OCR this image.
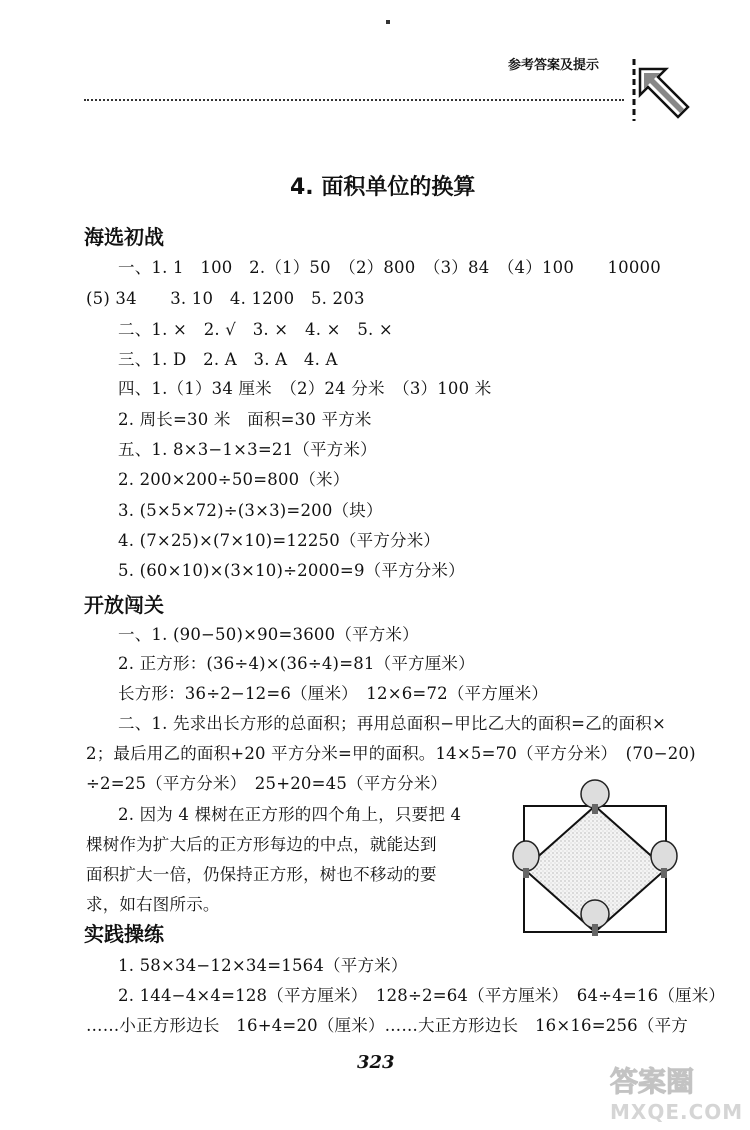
参考答案及提示
4. 面积单位的换算
海选初战
一、1. 1　100　2.（1）50　（2）800　（3）84　（4）100　　10000
(5) 34　　3. 10　4. 1200　5. 203
二、1. ×　2. √　3. ×　4. ×　5. ×
三、1. D　2. A　3. A　4. A
四、1.（1）34 厘米　（2）24 分米　（3）100 米
2. 周长=30 米　面积=30 平方米
五、1. 8×3−1×3=21（平方米）
2. 200×200÷50=800（米）
3. (5×5×72)÷(3×3)=200（块）
4. (7×25)×(7×10)=12250（平方分米）
5. (60×10)×(3×10)÷2000=9（平方分米）
开放闯关
一、1. (90−50)×90=3600（平方米）
2. 正方形：(36÷4)×(36÷4)=81（平方厘米）
长方形：36÷2−12=6（厘米）　12×6=72（平方厘米）
二、1. 先求出长方形的总面积；再用总面积−甲比乙大的面积=乙的面积×
2；最后用乙的面积+20 平方分米=甲的面积。14×5=70（平方分米）　(70−20)
÷2=25（平方分米）　25+20=45（平方分米）
2. 因为 4 棵树在正方形的四个角上，只要把 4
棵树作为扩大后的正方形每边的中点，就能达到
面积扩大一倍，仍保持正方形，树也不移动的要
求，如右图所示。
实践操练
1. 58×34−12×34=1564（平方米）
2. 144−4×4=128（平方厘米）　128÷2=64（平方厘米）　64÷4=16（厘米）
……小正方形边长　16+4=20（厘米）……大正方形边长　16×16=256（平方
323
答案圈
MXQE.COM
